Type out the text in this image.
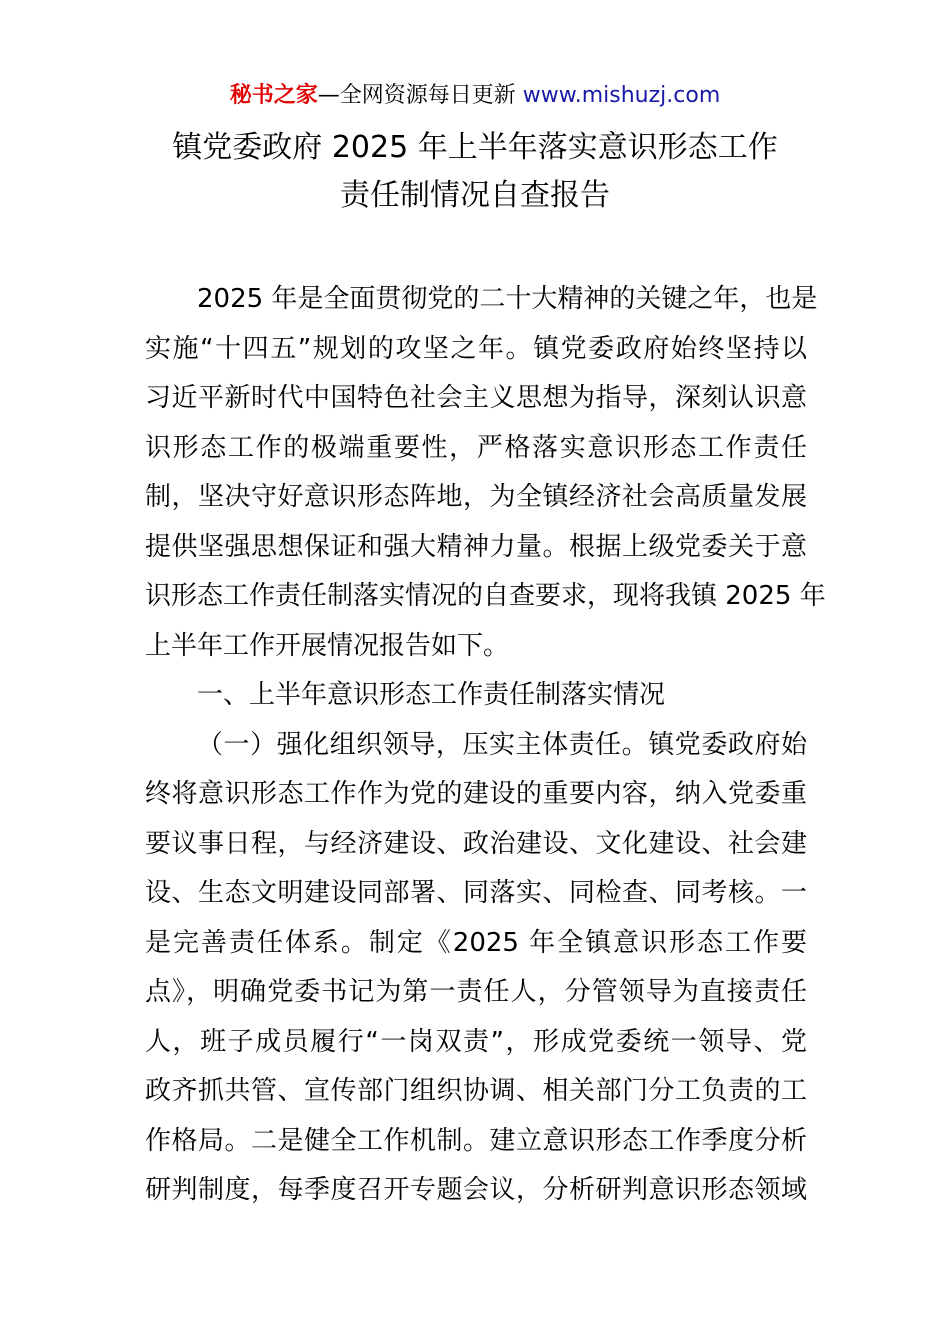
秘书之家—全网资源每日更新 www.mishuzj.com
镇党委政府 2025 年上半年落实意识形态工作
责任制情况自查报告
2025 年是全面贯彻党的二十大精神的关键之年，也是
实施“十四五”规划的攻坚之年。镇党委政府始终坚持以
习近平新时代中国特色社会主义思想为指导，深刻认识意
识形态工作的极端重要性，严格落实意识形态工作责任
制，坚决守好意识形态阵地，为全镇经济社会高质量发展
提供坚强思想保证和强大精神力量。根据上级党委关于意
识形态工作责任制落实情况的自查要求，现将我镇 2025 年
上半年工作开展情况报告如下。
一、上半年意识形态工作责任制落实情况
（一）强化组织领导，压实主体责任。镇党委政府始
终将意识形态工作作为党的建设的重要内容，纳入党委重
要议事日程，与经济建设、政治建设、文化建设、社会建
设、生态文明建设同部署、同落实、同检查、同考核。一
是完善责任体系。制定《2025 年全镇意识形态工作要
点》，明确党委书记为第一责任人，分管领导为直接责任
人，班子成员履行“一岗双责”，形成党委统一领导、党
政齐抓共管、宣传部门组织协调、相关部门分工负责的工
作格局。二是健全工作机制。建立意识形态工作季度分析
研判制度，每季度召开专题会议，分析研判意识形态领域
